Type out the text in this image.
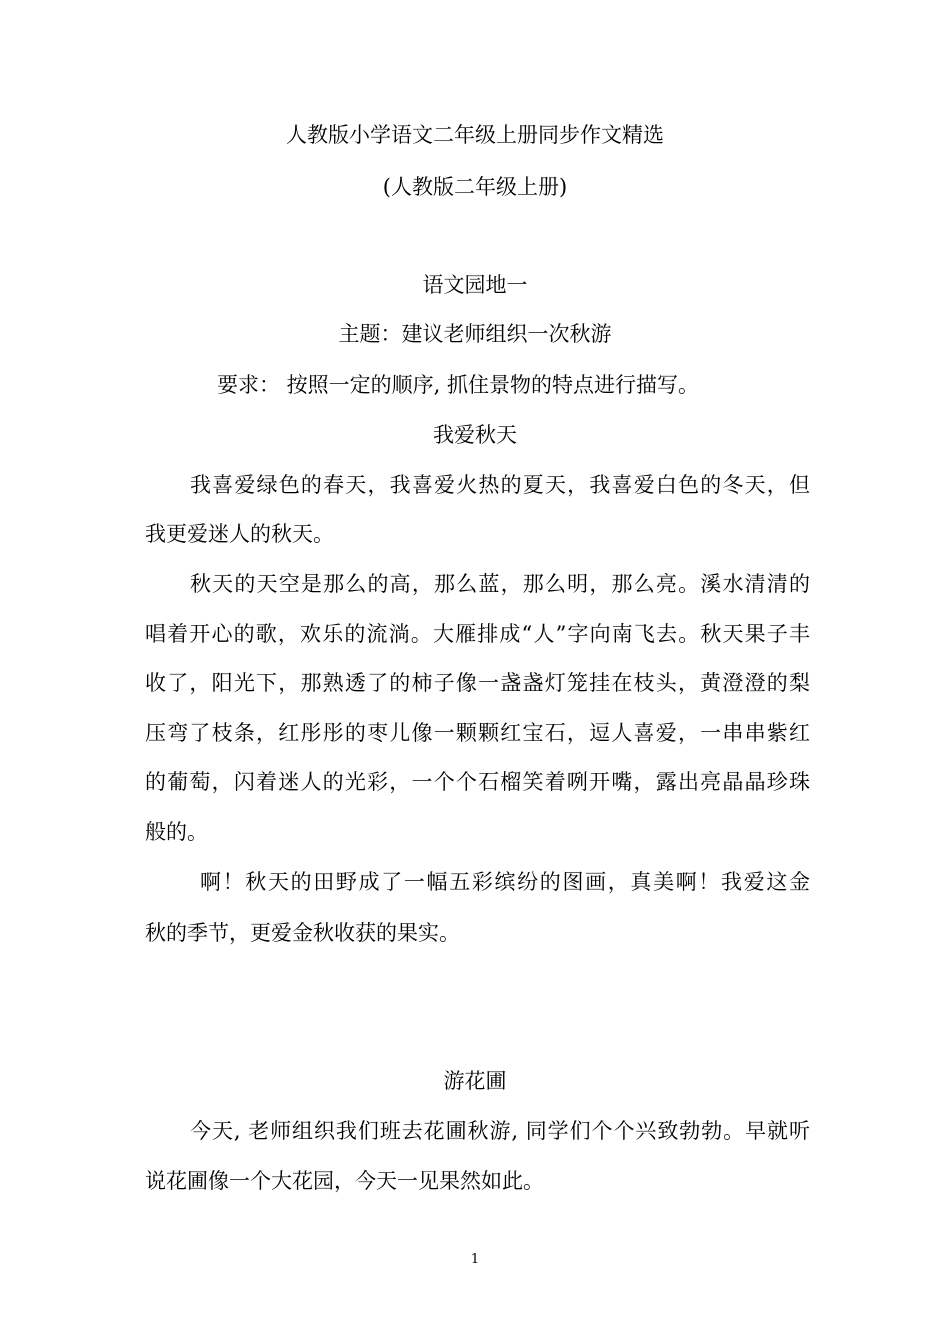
人教版小学语文二年级上册同步作文精选
(人教版二年级上册)
语文园地一
主题：建议老师组织一次秋游
要求： 按照一定的顺序, 抓住景物的特点进行描写。
我爱秋天
我喜爱绿色的春天，我喜爱火热的夏天，我喜爱白色的冬天，但
我更爱迷人的秋天。
秋天的天空是那么的高，那么蓝，那么明，那么亮。溪水清清的
唱着开心的歌，欢乐的流淌。大雁排成“人”字向南飞去。秋天果子丰
收了，阳光下，那熟透了的柿子像一盏盏灯笼挂在枝头，黄澄澄的梨
压弯了枝条，红彤彤的枣儿像一颗颗红宝石，逗人喜爱，一串串紫红
的葡萄，闪着迷人的光彩，一个个石榴笑着咧开嘴，露出亮晶晶珍珠
般的。
啊！秋天的田野成了一幅五彩缤纷的图画，真美啊！我爱这金
秋的季节，更爱金秋收获的果实。
游花圃
今天, 老师组织我们班去花圃秋游, 同学们个个兴致勃勃。早就听
说花圃像一个大花园，今天一见果然如此。
1
